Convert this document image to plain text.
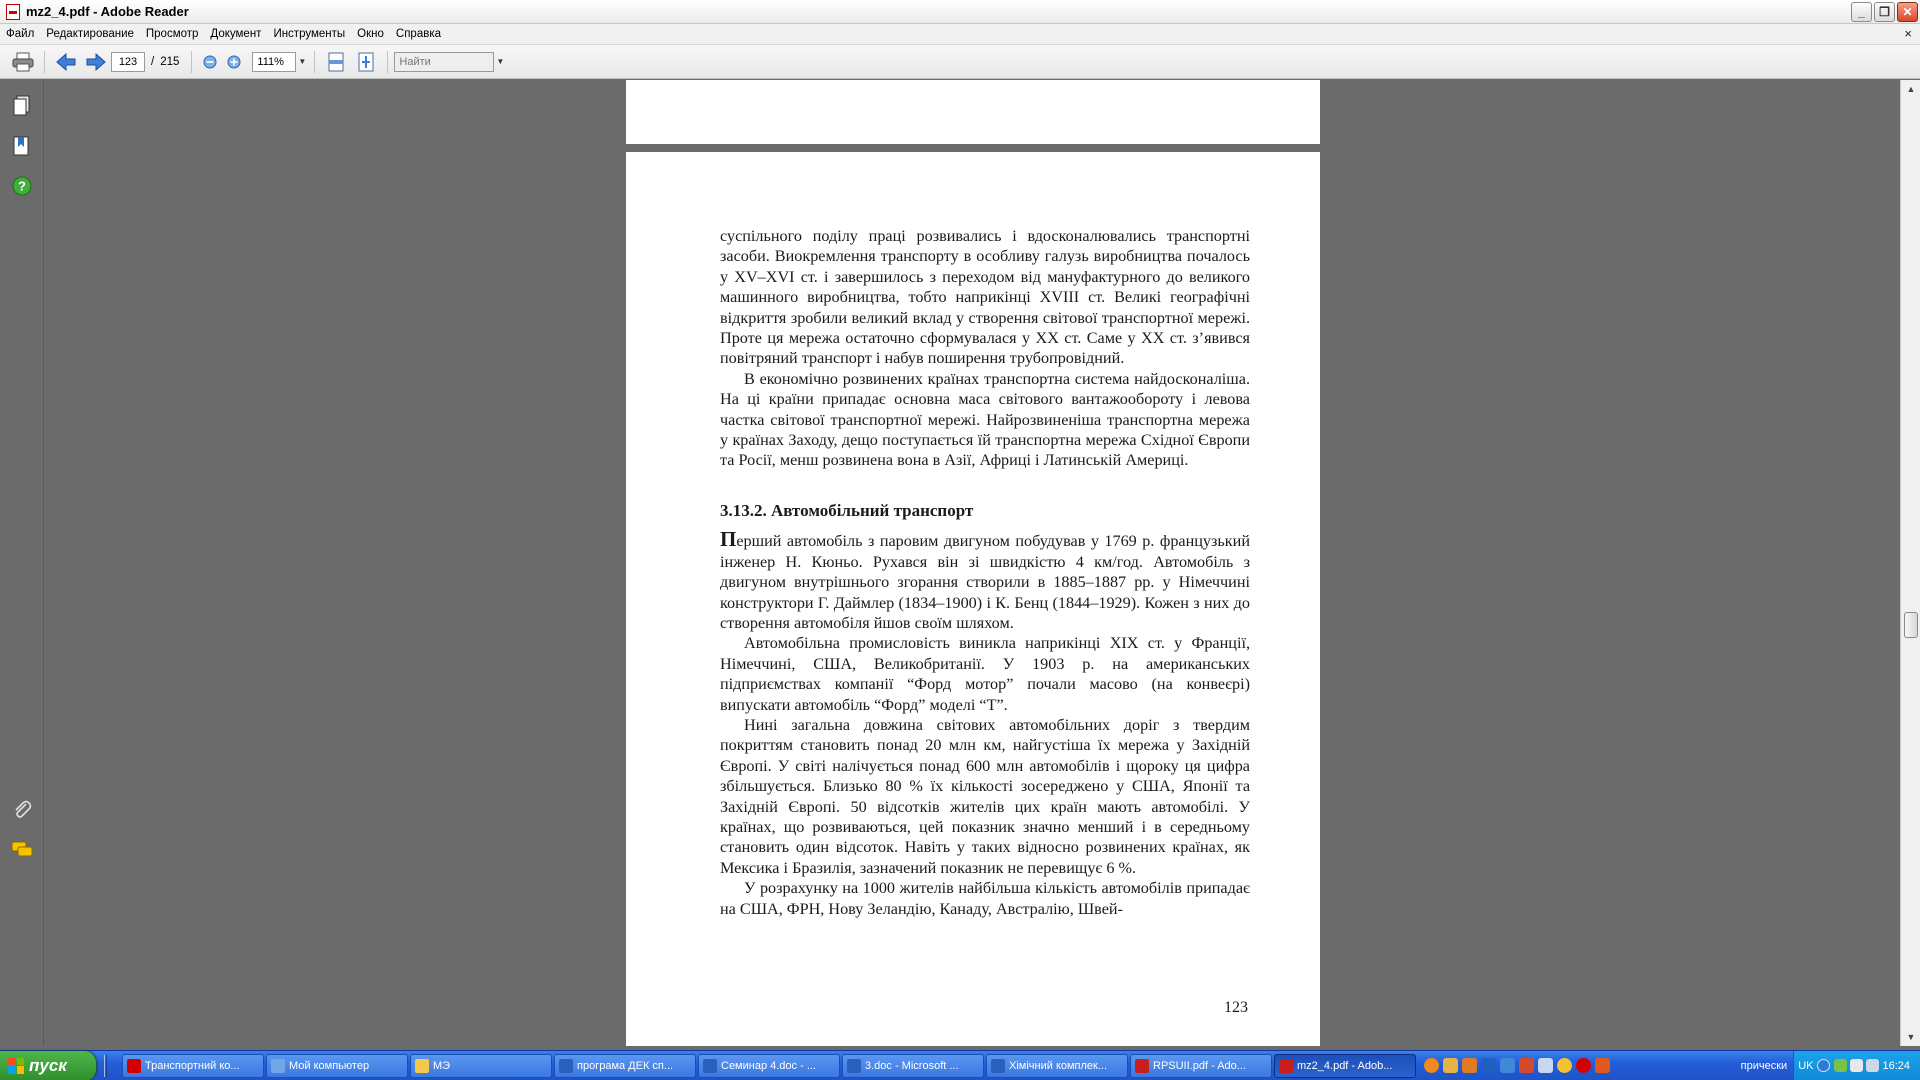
mz2_4.pdf - Adobe Reader	_	❐	✕
Файл	Редактирование	Просмотр	Документ	Инструменты	Окно	Справка	×
123
/ 215
111%	▼
Найти	▼
?

суспільного поділу праці розвивались і вдосконалювались транспортні засоби. Виокремлення транспорту в особливу галузь виробництва почалось у XV–XVI ст. і завершилось з переходом від мануфактурного до великого машинного виробництва, тобто наприкінці XVIII ст. Великі географічні відкриття зробили великий вклад у створення світової транспортної мережі. Проте ця мережа остаточно сформувалася у XX ст. Саме у XX ст. з’явився повітряний транспорт і набув поширення трубопровідний.

В економічно розвинених країнах транспортна система найдосконаліша. На ці країни припадає основна маса світового вантажообороту і левова частка світової транспортної мережі. Найрозвиненіша транспортна мережа у країнах Заходу, дещо поступається їй транспортна мережа Східної Європи та Росії, менш розвинена вона в Азії, Африці і Латинській Америці.

3.13.2. Автомобільний транспорт

Перший автомобіль з паровим двигуном побудував у 1769 р. французький інженер Н. Кюньо. Рухався він зі швидкістю 4 км/год. Автомобіль з двигуном внутрішнього згорання створили в 1885–1887 рр. у Німеччині конструктори Г. Даймлер (1834–1900) і К. Бенц (1844–1929). Кожен з них до створення автомобіля йшов своїм шляхом.

Автомобільна промисловість виникла наприкінці XIX ст. у Франції, Німеччині, США, Великобританії. У 1903 р. на американських підприємствах компанії “Форд мотор” почали масово (на конвеєрі) випускати автомобіль “Форд” моделі “Т”.

Нині загальна довжина світових автомобільних доріг з твердим покриттям становить понад 20 млн км, найгустіша їх мережа у Західній Європі. У світі налічується понад 600 млн автомобілів і щороку ця цифра збільшується. Близько 80 % їх кількості зосереджено у США, Японії та Західній Європі. 50 відсотків жителів цих країн мають автомобілі. У країнах, що розвиваються, цей показник значно менший і в середньому становить один відсоток. Навіть у таких відносно розвинених країнах, як Мексика і Бразилія, зазначений показник не перевищує 6 %.

У розрахунку на 1000 жителів найбільша кількість автомобілів припадає на США, ФРН, Нову Зеландію, Канаду, Австралію, Швей-

123
▲
▼
пуск	Транспортний ко...	Мой компьютер	МЭ	програма ДЕК сп...	Семинар 4.doc - ...	3.doc - Microsoft ...	Хімічний комплек...	RPSUII.pdf - Ado...	mz2_4.pdf - Adob...	прически UK	16:24
